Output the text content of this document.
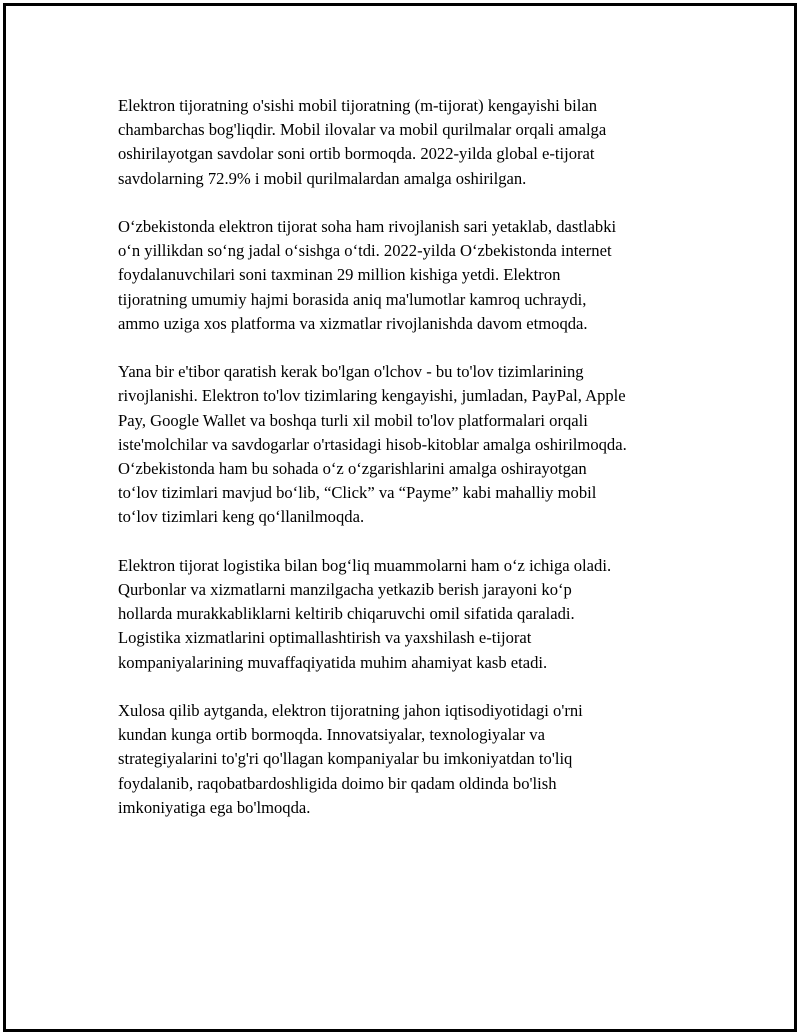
Elektron tijoratning o'sishi mobil tijoratning (m-tijorat) kengayishi bilan
chambarchas bog'liqdir. Mobil ilovalar va mobil qurilmalar orqali amalga
oshirilayotgan savdolar soni ortib bormoqda. 2022-yilda global e-tijorat
savdolarning 72.9% i mobil qurilmalardan amalga oshirilgan.

O‘zbekistonda elektron tijorat soha ham rivojlanish sari yetaklab, dastlabki
o‘n yillikdan so‘ng jadal o‘sishga o‘tdi. 2022-yilda O‘zbekistonda internet
foydalanuvchilari soni taxminan 29 million kishiga yetdi. Elektron
tijoratning umumiy hajmi borasida aniq ma'lumotlar kamroq uchraydi,
ammo uziga xos platforma va xizmatlar rivojlanishda davom etmoqda.

Yana bir e'tibor qaratish kerak bo'lgan o'lchov - bu to'lov tizimlarining
rivojlanishi. Elektron to'lov tizimlaring kengayishi, jumladan, PayPal, Apple
Pay, Google Wallet va boshqa turli xil mobil to'lov platformalari orqali
iste'molchilar va savdogarlar o'rtasidagi hisob-kitoblar amalga oshirilmoqda.
O‘zbekistonda ham bu sohada o‘z o‘zgarishlarini amalga oshirayotgan
to‘lov tizimlari mavjud bo‘lib, “Click” va “Payme” kabi mahalliy mobil
to‘lov tizimlari keng qo‘llanilmoqda.

Elektron tijorat logistika bilan bog‘liq muammolarni ham o‘z ichiga oladi.
Qurbonlar va xizmatlarni manzilgacha yetkazib berish jarayoni ko‘p
hollarda murakkabliklarni keltirib chiqaruvchi omil sifatida qaraladi.
Logistika xizmatlarini optimallashtirish va yaxshilash e-tijorat
kompaniyalarining muvaffaqiyatida muhim ahamiyat kasb etadi.

Xulosa qilib aytganda, elektron tijoratning jahon iqtisodiyotidagi o'rni
kundan kunga ortib bormoqda. Innovatsiyalar, texnologiyalar va
strategiyalarini to'g'ri qo'llagan kompaniyalar bu imkoniyatdan to'liq
foydalanib, raqobatbardoshligida doimo bir qadam oldinda bo'lish
imkoniyatiga ega bo'lmoqda.
